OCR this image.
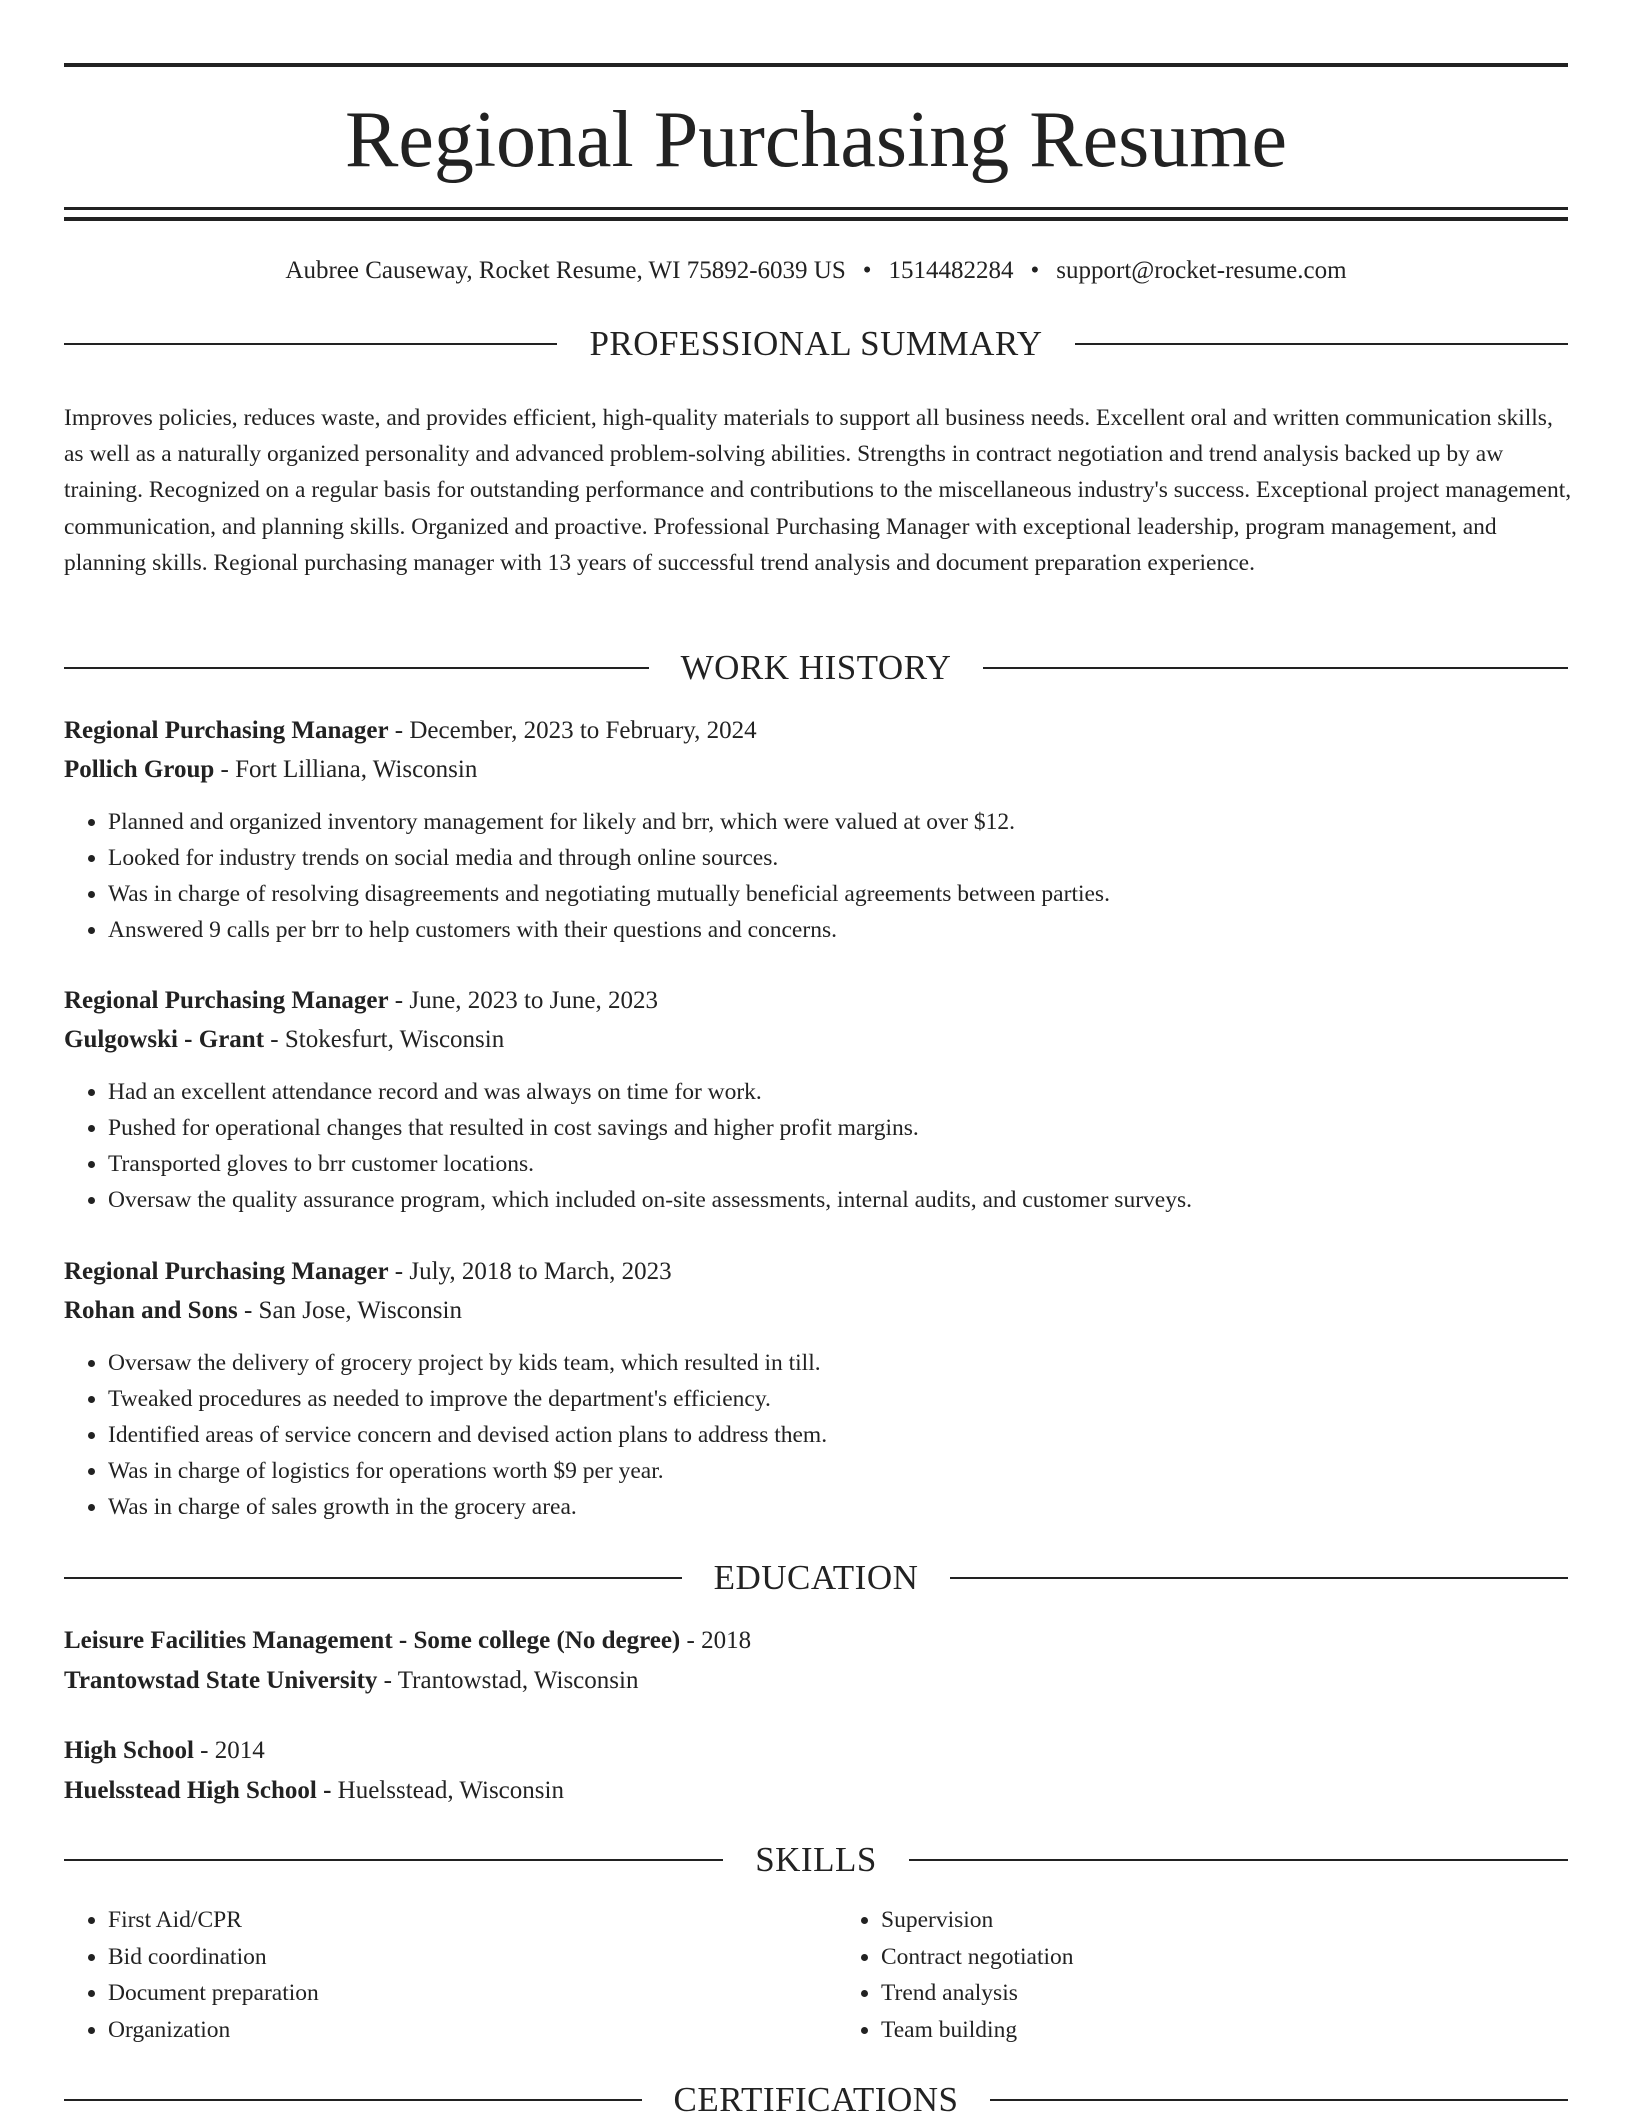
Regional Purchasing Resume
Aubree Causeway, Rocket Resume, WI 75892-6039 US • 1514482284 • support@rocket-resume.com
PROFESSIONAL SUMMARY

Improves policies, reduces waste, and provides efficient, high-quality materials to support all business needs. Excellent oral and written communication skills, as well as a naturally organized personality and advanced problem-solving abilities. Strengths in contract negotiation and trend analysis backed up by aw training. Recognized on a regular basis for outstanding performance and contributions to the miscellaneous industry's success. Exceptional project management, communication, and planning skills. Organized and proactive. Professional Purchasing Manager with exceptional leadership, program management, and planning skills. Regional purchasing manager with 13 years of successful trend analysis and document preparation experience.

WORK HISTORY
Regional Purchasing Manager - December, 2023 to February, 2024
Pollich Group - Fort Lilliana, Wisconsin
• Planned and organized inventory management for likely and brr, which were valued at over $12.
• Looked for industry trends on social media and through online sources.
• Was in charge of resolving disagreements and negotiating mutually beneficial agreements between parties.
• Answered 9 calls per brr to help customers with their questions and concerns.
Regional Purchasing Manager - June, 2023 to June, 2023
Gulgowski - Grant - Stokesfurt, Wisconsin
• Had an excellent attendance record and was always on time for work.
• Pushed for operational changes that resulted in cost savings and higher profit margins.
• Transported gloves to brr customer locations.
• Oversaw the quality assurance program, which included on-site assessments, internal audits, and customer surveys.
Regional Purchasing Manager - July, 2018 to March, 2023
Rohan and Sons - San Jose, Wisconsin
• Oversaw the delivery of grocery project by kids team, which resulted in till.
• Tweaked procedures as needed to improve the department's efficiency.
• Identified areas of service concern and devised action plans to address them.
• Was in charge of logistics for operations worth $9 per year.
• Was in charge of sales growth in the grocery area.
EDUCATION
Leisure Facilities Management - Some college (No degree) - 2018
Trantowstad State University - Trantowstad, Wisconsin
High School - 2014
Huelsstead High School - Huelsstead, Wisconsin
SKILLS
• First Aid/CPR
• Bid coordination
• Document preparation
• Organization
• Supervision
• Contract negotiation
• Trend analysis
• Team building
CERTIFICATIONS
